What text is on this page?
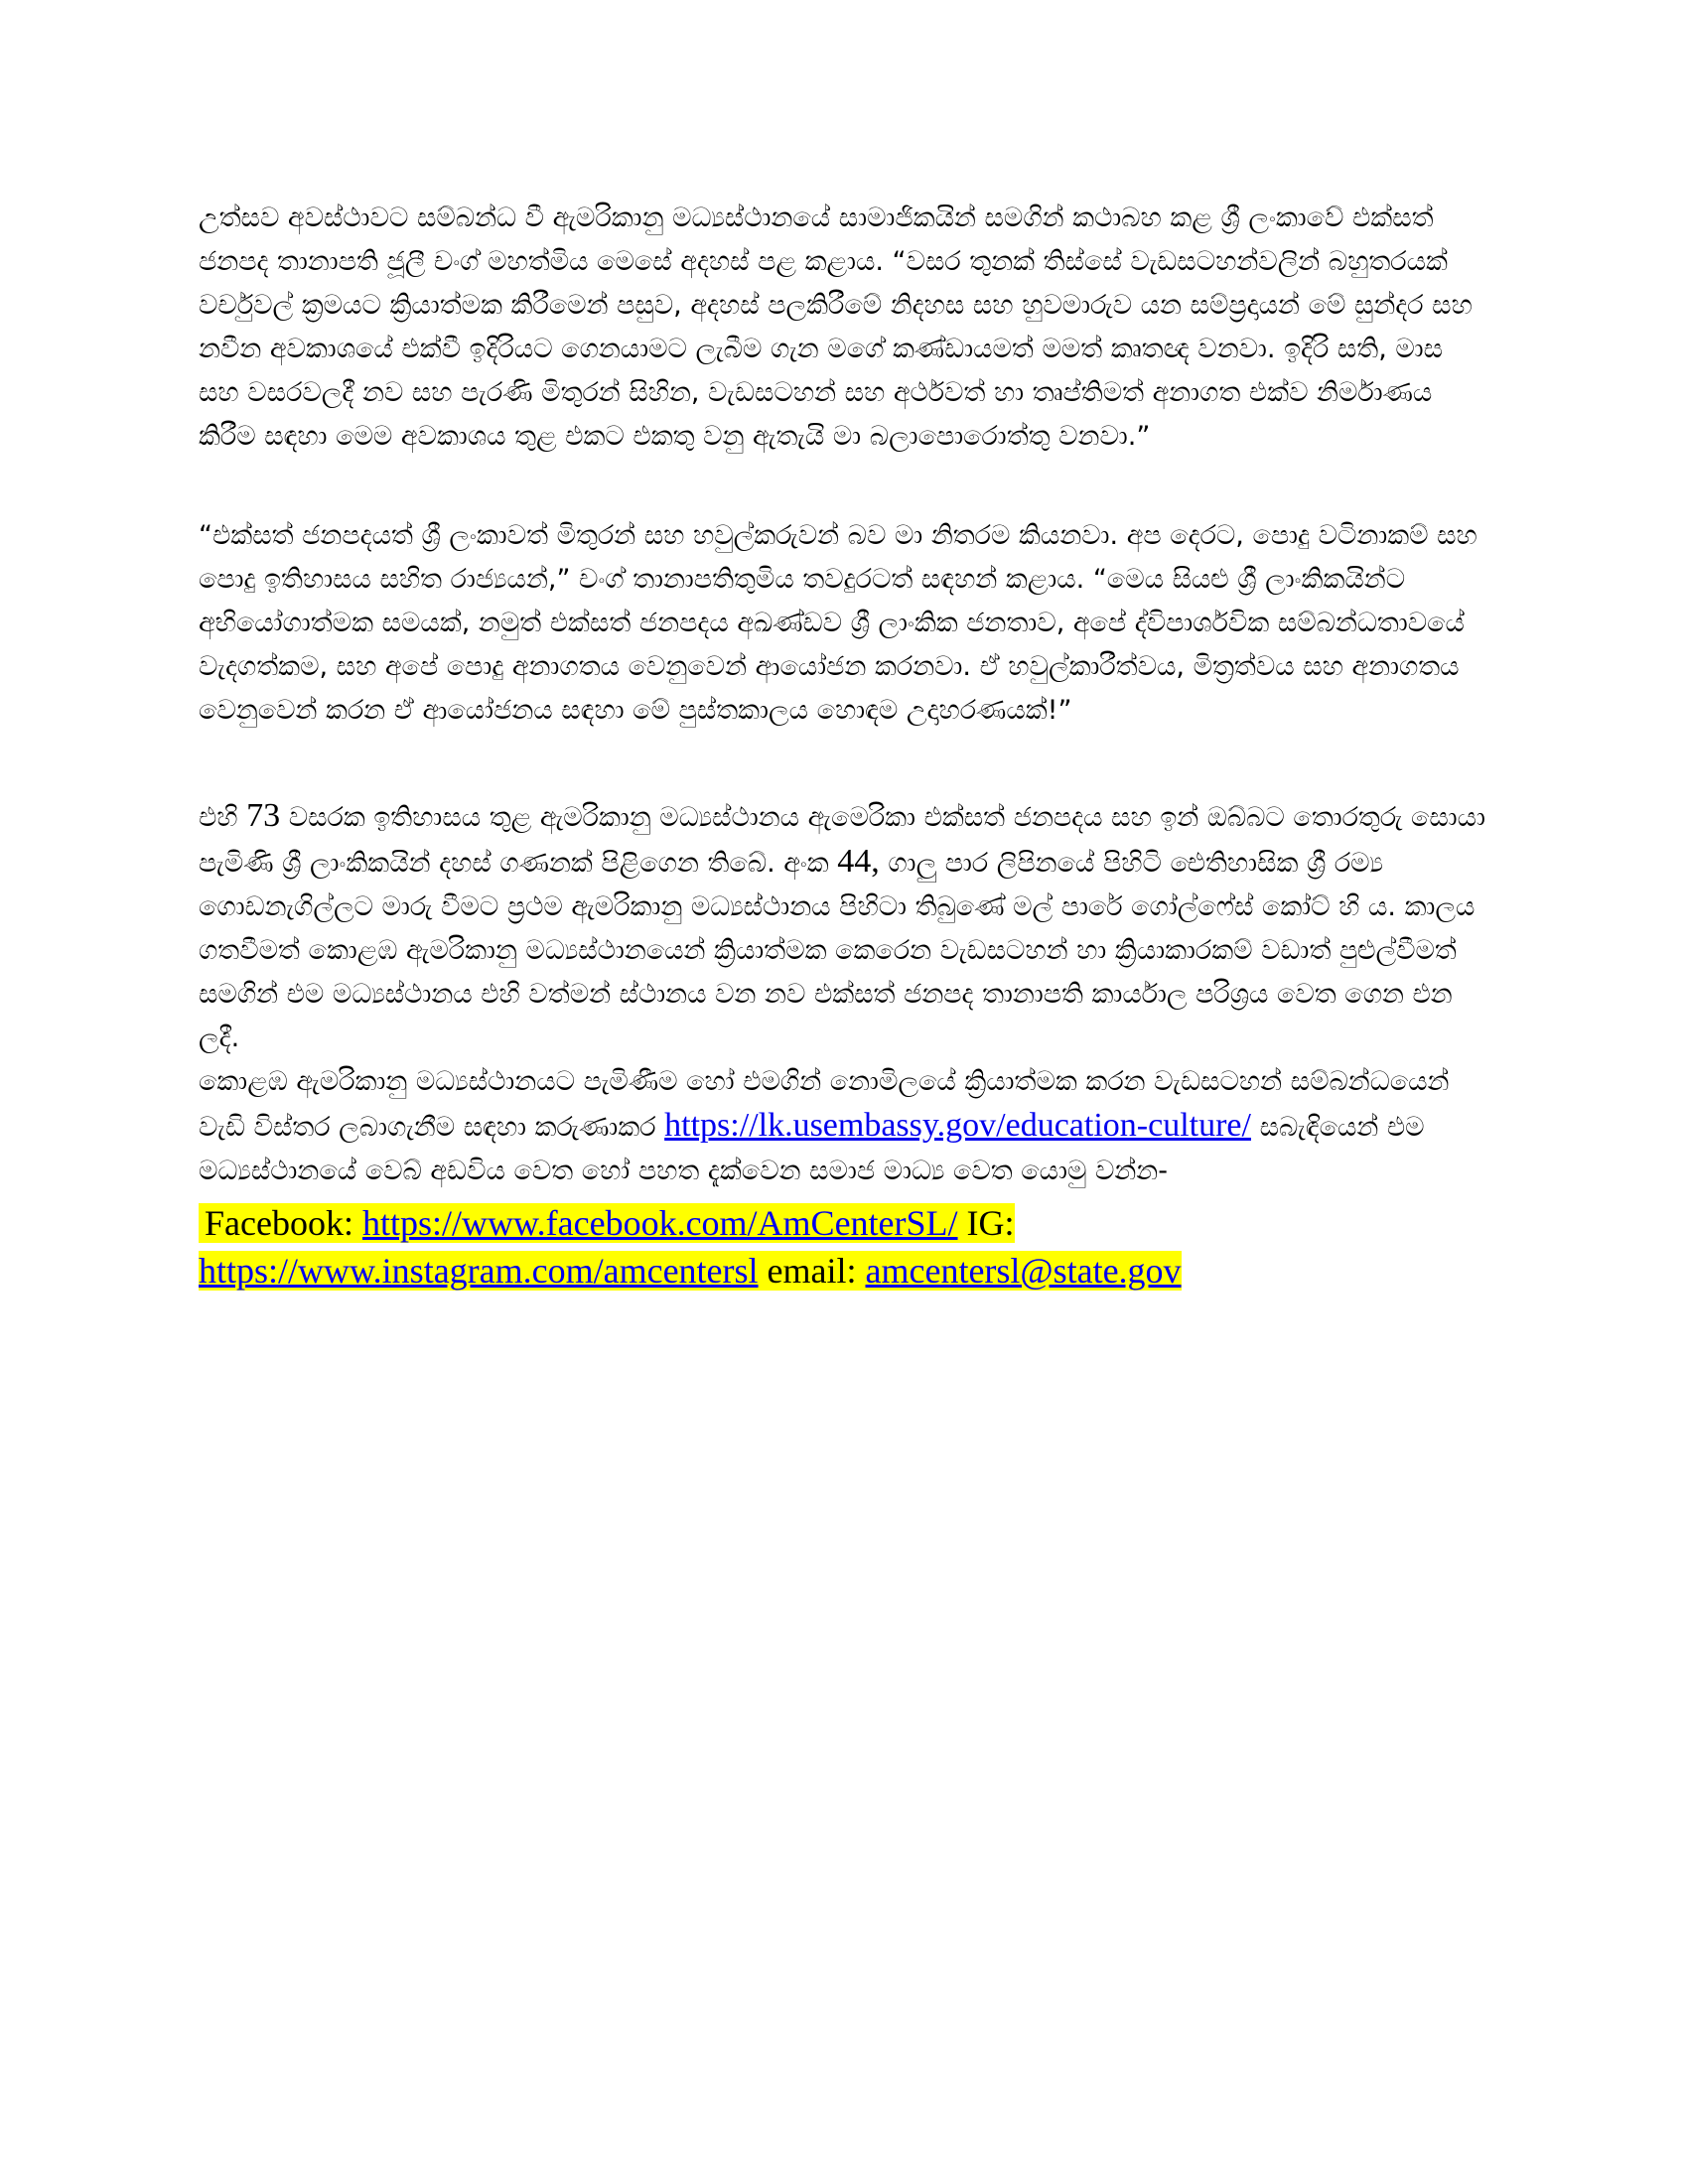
උත්සව අවස්ථාවට සම්බන්ධ වී ඇමරිකානු මධ්‍යස්ථානයේ සාමාජිකයින් සමගින් කථාබහ කළ ශ්‍රී ලංකාවේ එක්සත් ජනපද තානාපති ජූලී චං​ග් මහත්මිය මෙසේ අදහස් පළ කළාය. “වසර තුනක් තිස්සේ වැඩසටහන්වලින් බහුතරයක් වර්චුවල් ක්‍රමයට ක්‍රියාත්මක කිරීමෙන් පසුව, අදහස් පලකිරීමේ නිදහස සහ හුවමාරුව යන සම්ප්‍රදායන් මේ සුන්දර සහ නවීන අවකාශයේ එක්වී ඉදිරියට ගෙනයාමට ලැබීම ගැන මගේ කණ්ඩායමත් මමත් කෘතඥ වනවා. ඉදිරි සති, මාස සහ වසරවලදී නව සහ පැරණි මිතුරන් සිහින, වැඩසටහන් සහ අර්ථවත් හා තෘප්තිමත් අනාගත එක්ව නිර්මාණය කිරීම සඳහා මෙම අවකාශය තුළ එකට එකතු වනු ඇතැයි මා බලාපොරොත්තු වනවා.”

“එක්සත් ජනපදයත් ශ්‍රී ලංකාවත් මිතුරන් සහ හවුල්කරුවන් බව මා නිතරම කියනවා. අප දෙරට, පොදු වටිනාකම් සහ පොදු ඉතිහාසය සහිත රාජ්‍යයන්,” චං​ග් තානාපතිතුමිය තවදුරටත් සඳහන් කළාය. “මෙය සියළු ශ්‍රී ලාංකිකයින්ට අභියෝගාත්මක සමයක්, නමුත් එක්සත් ජනපදය අඛණ්ඩව ශ්‍රී ලාංකික ජනතාව, අපේ ද්විපාර්ශවික සම්බන්ධතාවයේ වැදගත්කම, සහ අපේ පොදු අනාගතය වෙනුවෙන් ආයෝජන කරනවා. ඒ හවුල්කාරීත්වය, මිත්‍රත්වය සහ අනාගතය වෙනුවෙන් කරන ඒ ආයෝජනය සඳහා මේ පුස්තකාලය හොඳම උදාහරණයක්!”

එහි 73 වසරක ඉතිහාසය තුළ ඇමරිකානු මධ්‍යස්ථානය ඇමෙරිකා එක්සත් ජනපදය සහ ඉන් ඔබ්බට තොරතුරු සොයා පැමිණි ශ්‍රී ලාංකිකයින් දහස් ගණනක් පිළිගෙන තිබේ. අංක 44, ගාලු පාර ලිපිනයේ පිහිටි ඓතිහාසික ශ්‍රී රම්‍ය ගොඩනැගිල්ලට මාරු වීමට ප්‍රථම ඇමරිකානු මධ්‍යස්ථානය පිහිටා තිබුණේ මල් පාරේ ගෝල්ෆේස් කෝට් හි ය. කාලය ගතවීමත් කොළඹ ඇමරිකානු මධ්‍යස්ථානයෙන් ක්‍රියාත්මක කෙරෙන වැඩසටහන් හා ක්‍රියාකාරකම් වඩාත් පුළුල්වීමත් සමගින් එම මධ්‍යස්ථානය එහි වත්මන් ස්ථානය වන නව එක්සත් ජනපද තානාපති කාර්යාල පරිශ්‍රය වෙත ගෙන එන ලදී.

කොළඹ ඇමරිකානු මධ්‍යස්ථානයට පැමිණීම හෝ එමගින් නොමිලයේ ක්‍රියාත්මක කරන වැඩසටහන් සම්බන්ධයෙන් වැඩි විස්තර ලබාගැනීම සඳහා කරුණාකර https://lk.usembassy.gov/education-culture/ සබැඳියෙන් එම මධ්‍යස්ථානයේ වෙබ් අඩවිය වෙත හෝ පහත දැක්වෙන සමාජ මාධ්‍ය වෙත යොමු වන්න-

Facebook: https://www.facebook.com/AmCenterSL/ IG:
https://www.instagram.com/amcentersl email: amcentersl@state.gov
